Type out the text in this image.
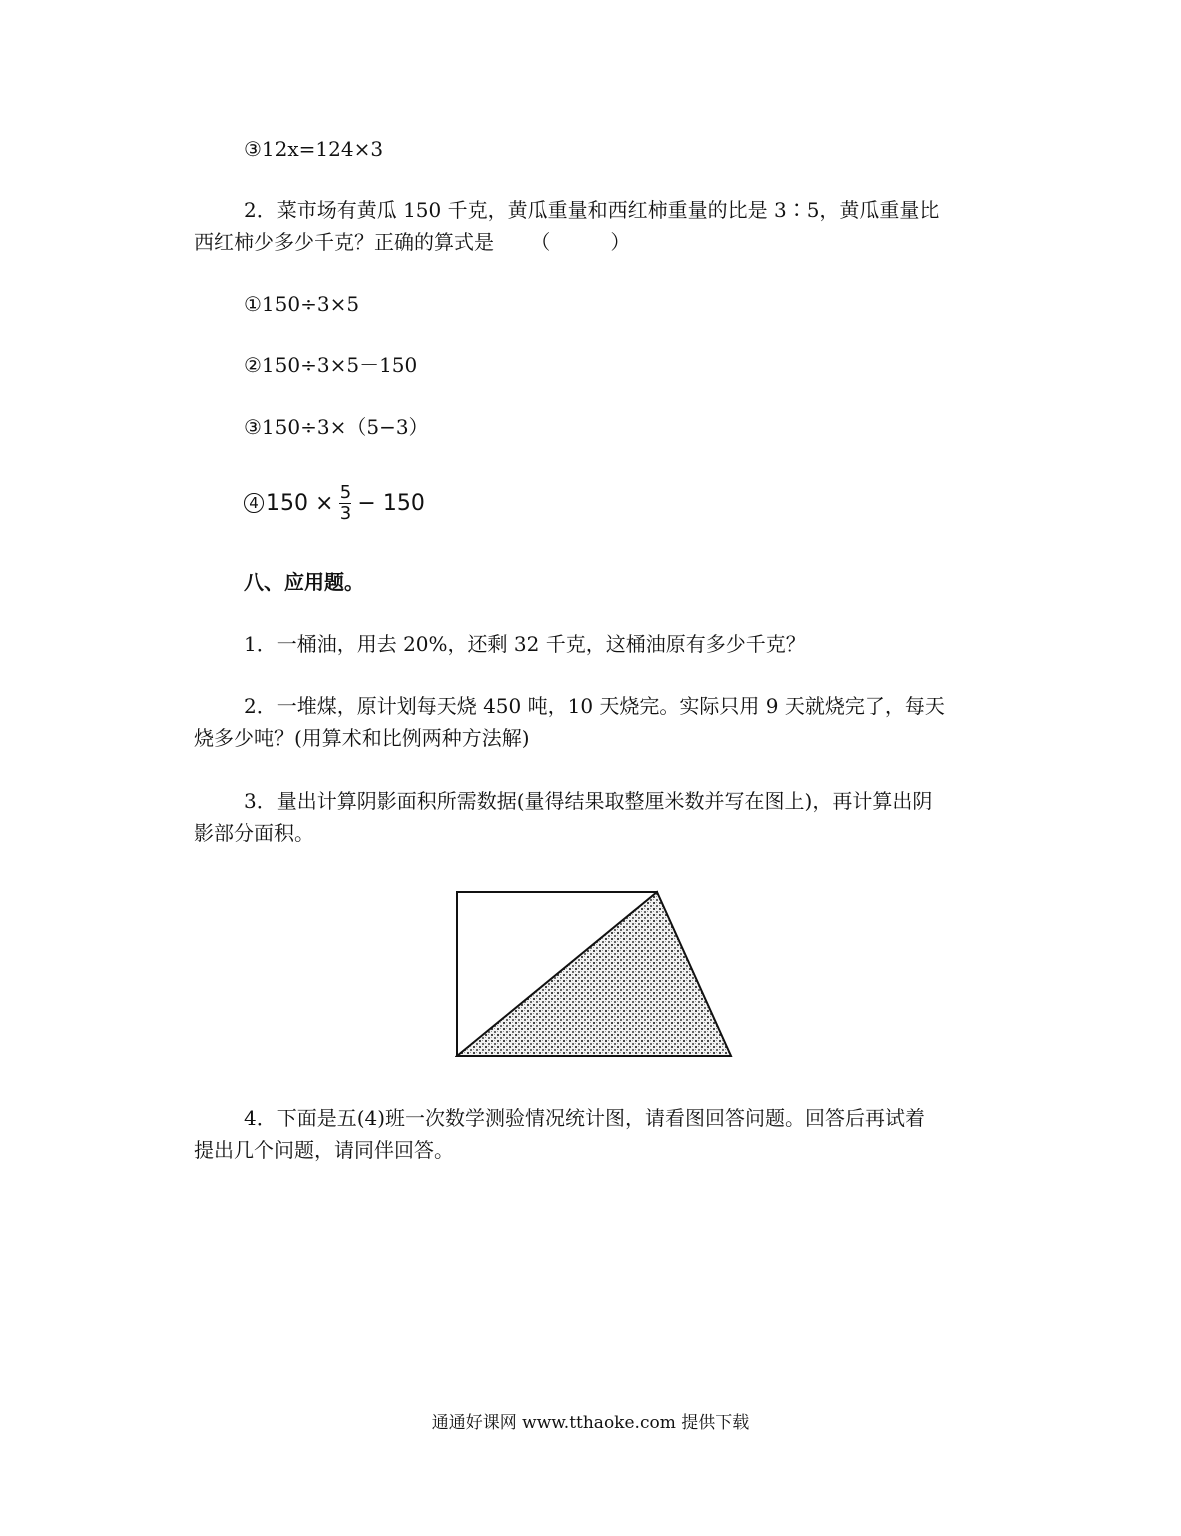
③12x=124×3
2．菜市场有黄瓜 150 千克，黄瓜重量和西红柿重量的比是 3∶5，黄瓜重量比
西红柿少多少千克？正确的算式是 （	）
①150÷3×5
②150÷3×5－150
③150÷3×（5−3）
4 $150 \times \frac{5}{3} - 150$
八、应用题。
1．一桶油，用去 20%，还剩 32 千克，这桶油原有多少千克？
2．一堆煤，原计划每天烧 450 吨，10 天烧完。实际只用 9 天就烧完了，每天
烧多少吨？(用算术和比例两种方法解)
3．量出计算阴影面积所需数据(量得结果取整厘米数并写在图上)，再计算出阴
影部分面积。
4．下面是五(4)班一次数学测验情况统计图，请看图回答问题。回答后再试着
提出几个问题，请同伴回答。
通通好课网 www.tthaoke.com 提供下载
